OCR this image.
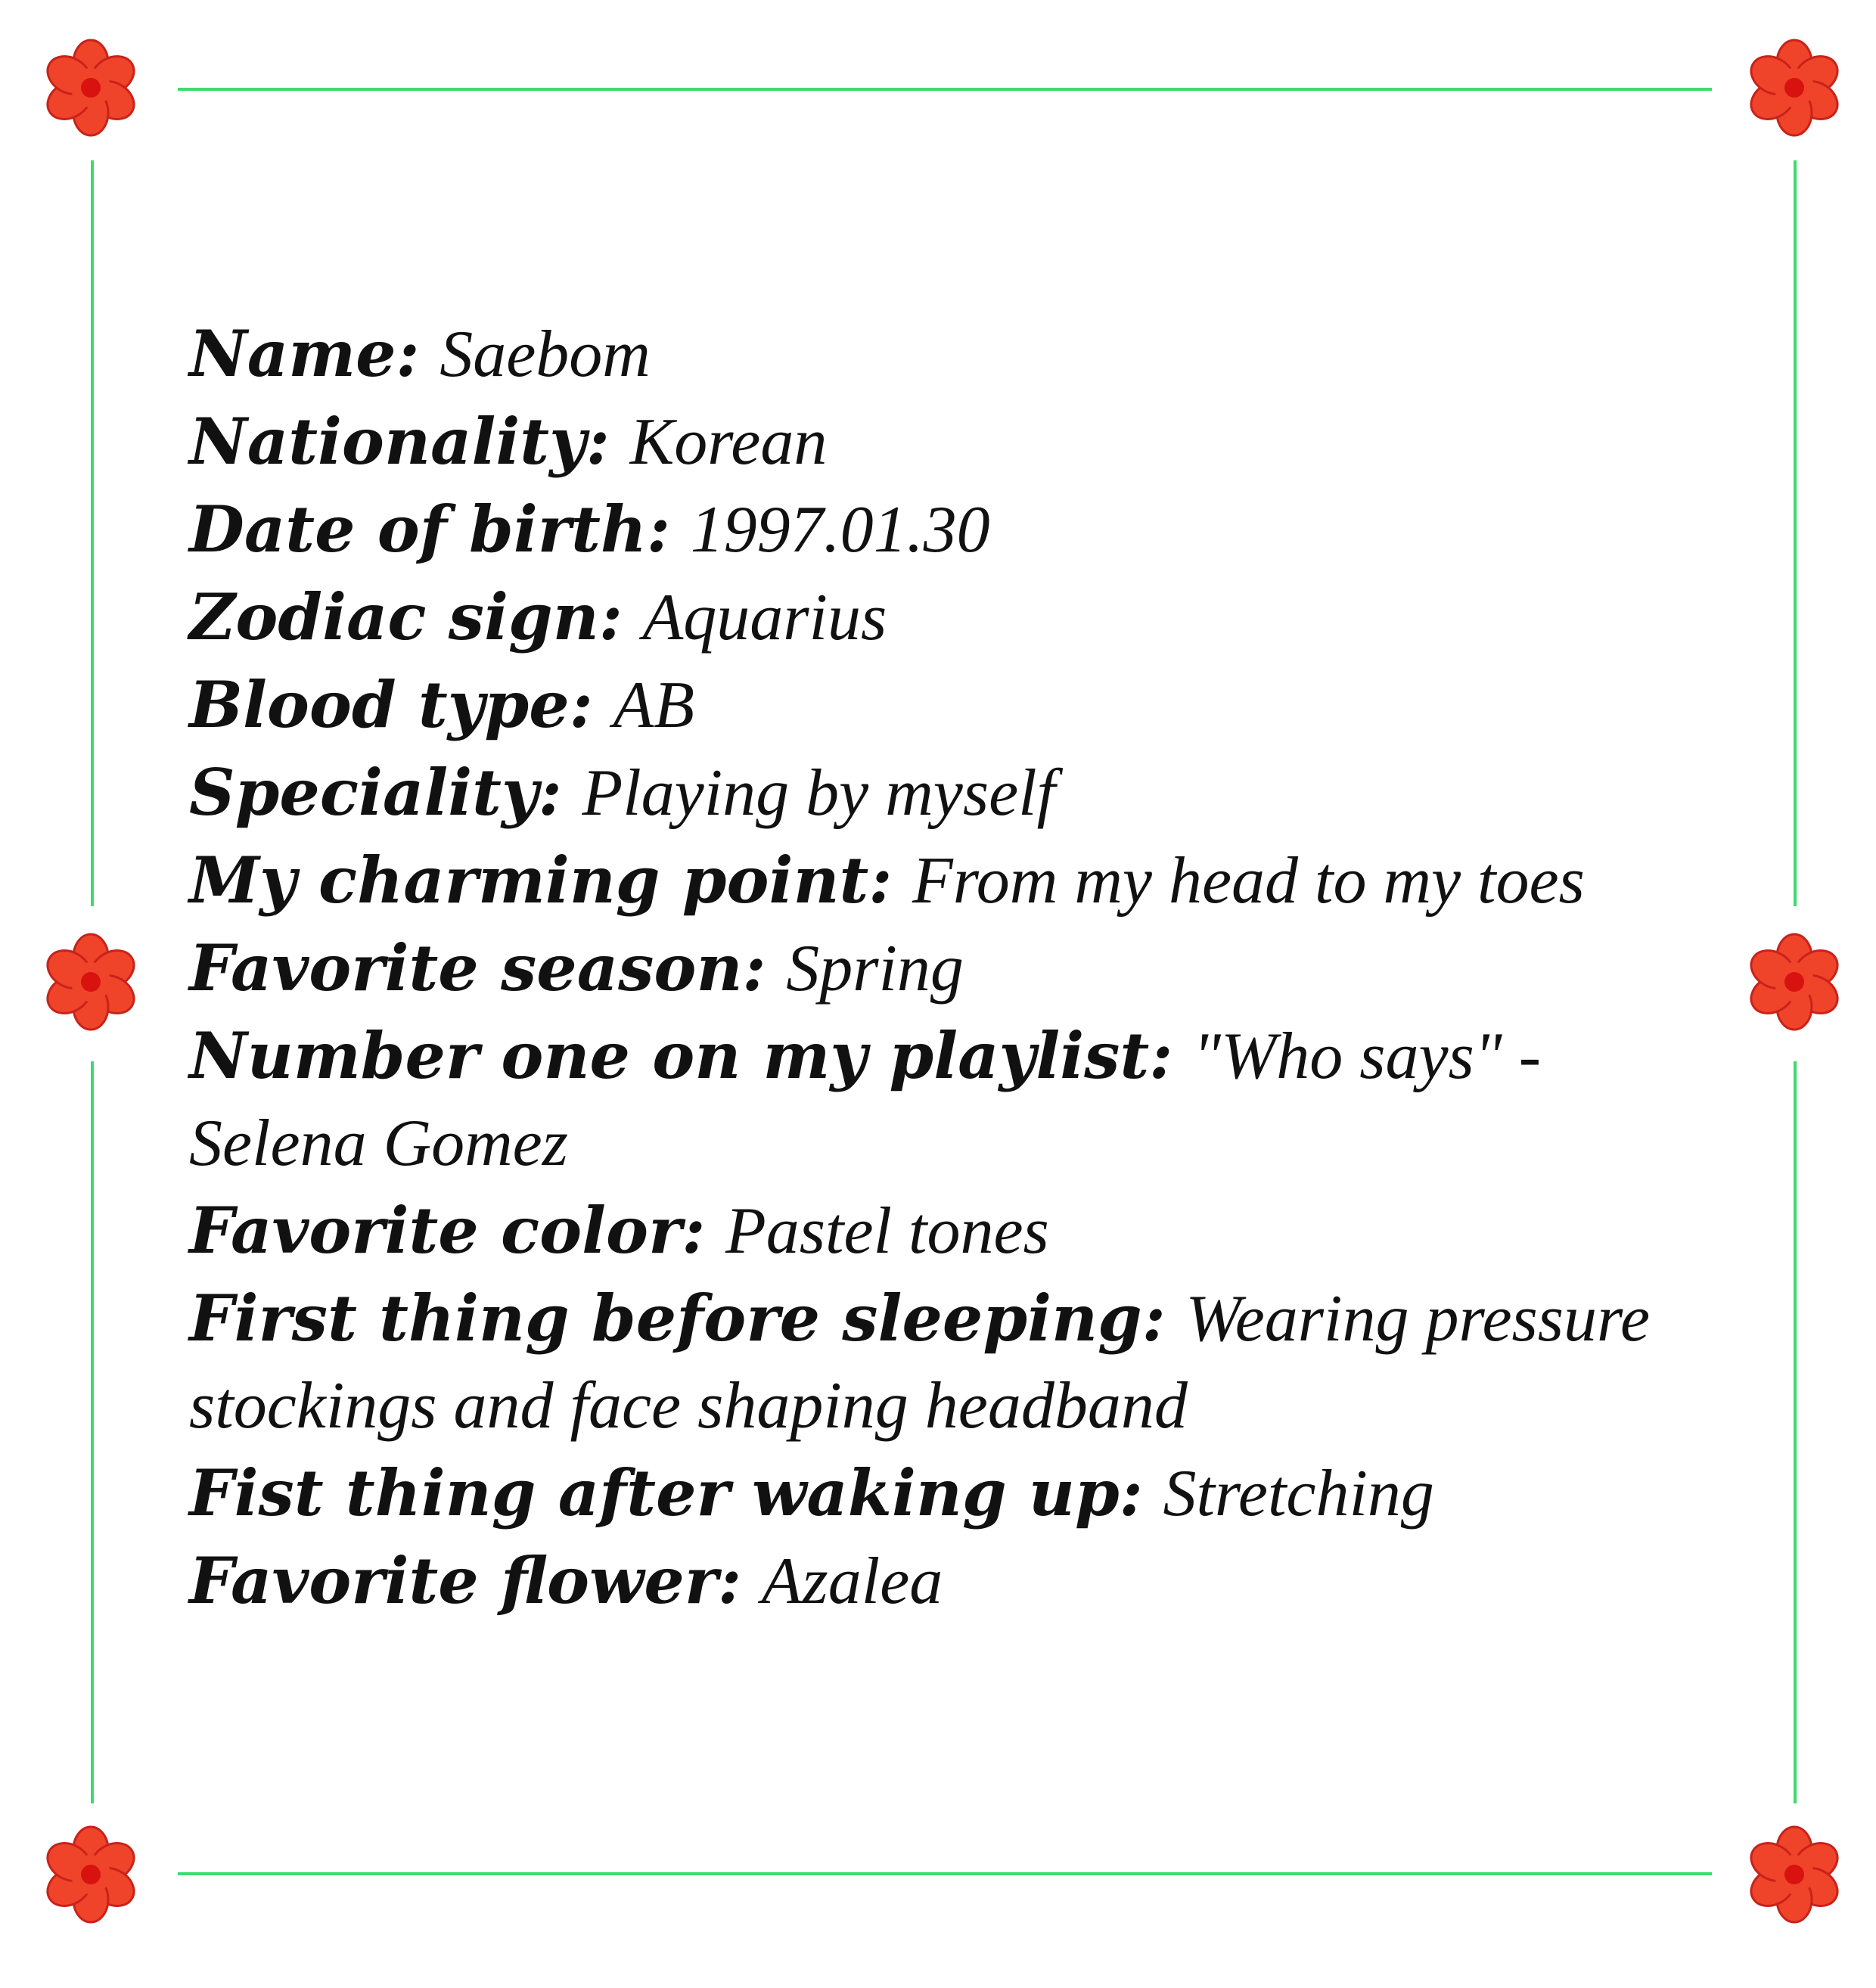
Name: Saebom

Nationality: Korean

Date of birth: 1997.01.30

Zodiac sign: Aquarius

Blood type: AB

Speciality: Playing by myself

My charming point: From my head to my toes

Favorite season: Spring

Number one on my playlist: "Who says" - Selena Gomez

Favorite color: Pastel tones

First thing before sleeping: Wearing pressure stockings and face shaping headband

Fist thing after waking up: Stretching

Favorite flower: Azalea
